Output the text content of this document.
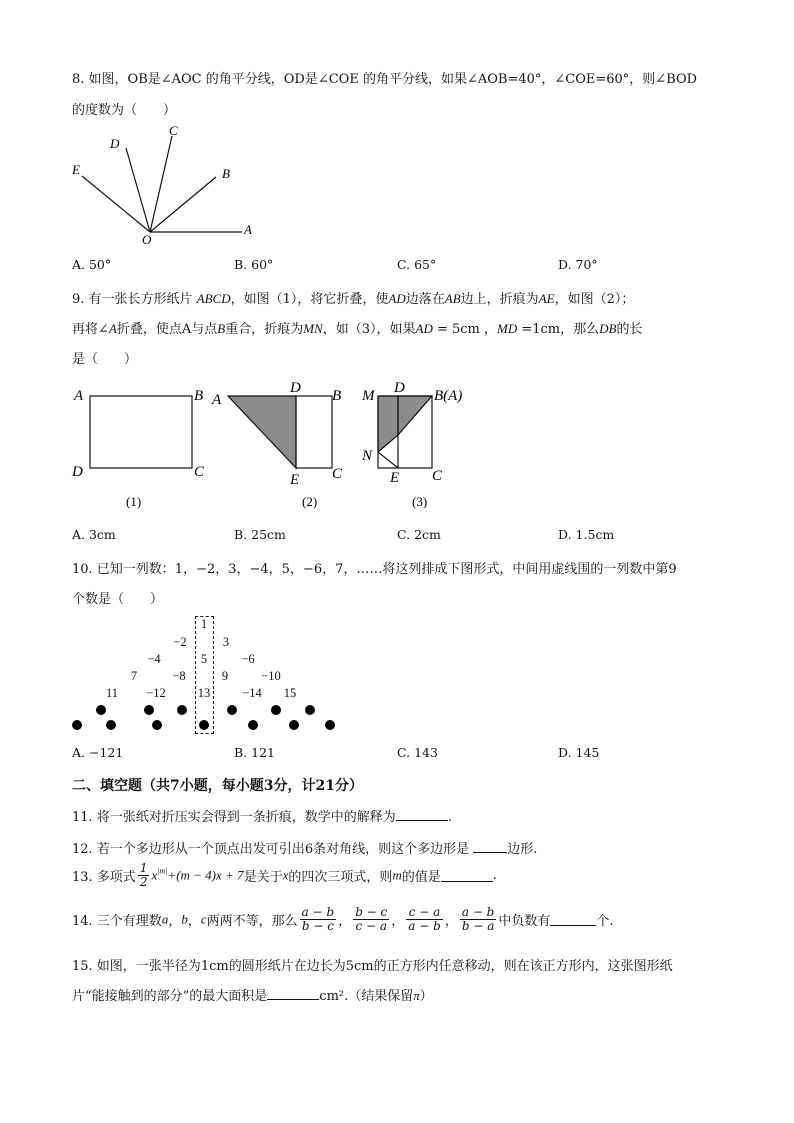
8. 如图，OB是∠AOC 的角平分线，OD是∠COE 的角平分线，如果∠AOB=40°，∠COE=60°，则∠BOD
的度数为（　　）
D
C
E	B
O
A
A. 50°	B. 60°	C. 65°	D. 70°
9. 有一张长方形纸片 ABCD，如图（1），将它折叠，使AD边落在AB边上，折痕为AE，如图（2）；
再将∠A折叠，使点A与点B重合，折痕为MN，如（3），如果AD = 5cm ，MD =1cm，那么DB的长
是（　　）
A	B
D	C
(1)
A
D B
E C
(2)
M D B(A)
N
E C
(3)
A. 3cm	B. 25cm	C. 2cm	D. 1.5cm
10. 已知一列数：1，−2，3，−4，5，−6，7，……将这列排成下图形式，中间用虚线围的一列数中第9
个数是（　　）
1
−2	3
−4	5	−6
7	−8	9	−10
11	−12	13	−14	15
A. −121	B. 121	C. 143	D. 145
二、填空题（共7小题，每小题3分，计21分）
11. 将一张纸对折压实会得到一条折痕，数学中的解释为	.
12. 若一个多边形从一个顶点出发可引出6条对角线，则这个多边形是	边形.
13. 多项式 $\frac{1}{2} x^{|m|}+(m - 4)x + 7$是关于x的四次三项式，则m的值是	.
14. 三个有理数a，b，c两两不等，那么 $\frac{a - b}{b - c}$ ， $\frac{b - c}{c - a}$ ， $\frac{c - a}{a - b}$ ， $\frac{a - b}{b - a}$ 中负数有	个.
15. 如图，一张半径为1cm的圆形纸片在边长为5cm的正方形内任意移动，则在该正方形内，这张图形纸
片“能接触到的部分”的最大面积是	cm².（结果保留π）
